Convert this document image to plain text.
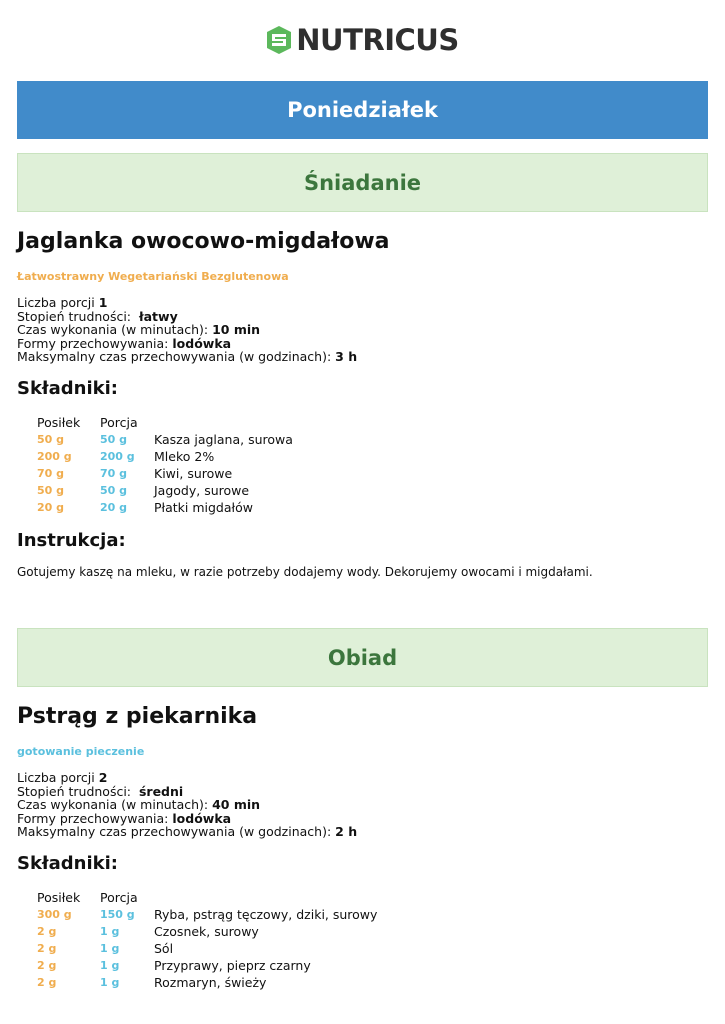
NUTRICUS
Poniedziałek
Śniadanie
Jaglanka owocowo-migdałowa
Łatwostrawny Wegetariański Bezglutenowa
Liczba porcji 1
Stopień trudności: łatwy
Czas wykonania (w minutach): 10 min
Formy przechowywania: lodówka
Maksymalny czas przechowywania (w godzinach): 3 h
Składniki:
Posiłek	Porcja
50 g	50 g	Kasza jaglana, surowa
200 g	200 g	Mleko 2%
70 g	70 g	Kiwi, surowe
50 g	50 g	Jagody, surowe
20 g	20 g	Płatki migdałów
Instrukcja:
Gotujemy kaszę na mleku, w razie potrzeby dodajemy wody. Dekorujemy owocami i migdałami.
Obiad
Pstrąg z piekarnika
gotowanie pieczenie
Liczba porcji 2
Stopień trudności: średni
Czas wykonania (w minutach): 40 min
Formy przechowywania: lodówka
Maksymalny czas przechowywania (w godzinach): 2 h
Składniki:
Posiłek	Porcja
300 g	150 g	Ryba, pstrąg tęczowy, dziki, surowy
2 g	1 g	Czosnek, surowy
2 g	1 g	Sól
2 g	1 g	Przyprawy, pieprz czarny
2 g	1 g	Rozmaryn, świeży
